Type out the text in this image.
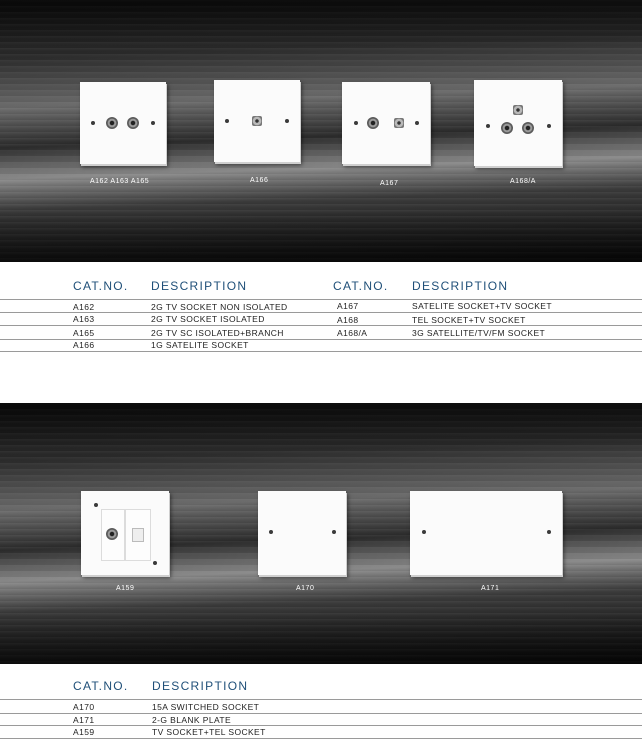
A162 A163 A165	A166	A167	A168/A
CAT.NO. DESCRIPTION	CAT.NO. DESCRIPTION
A162	2G TV SOCKET NON ISOLATED
A163	2G TV SOCKET ISOLATED
A165	2G TV SC ISOLATED+BRANCH
A166	1G SATELITE SOCKET
A167	SATELITE SOCKET+TV SOCKET
A168	TEL SOCKET+TV SOCKET
A168/A	3G SATELLITE/TV/FM SOCKET
A159	A170	A171
CAT.NO. DESCRIPTION
A170	15A SWITCHED SOCKET
A171	2-G BLANK PLATE
A159	TV SOCKET+TEL SOCKET
